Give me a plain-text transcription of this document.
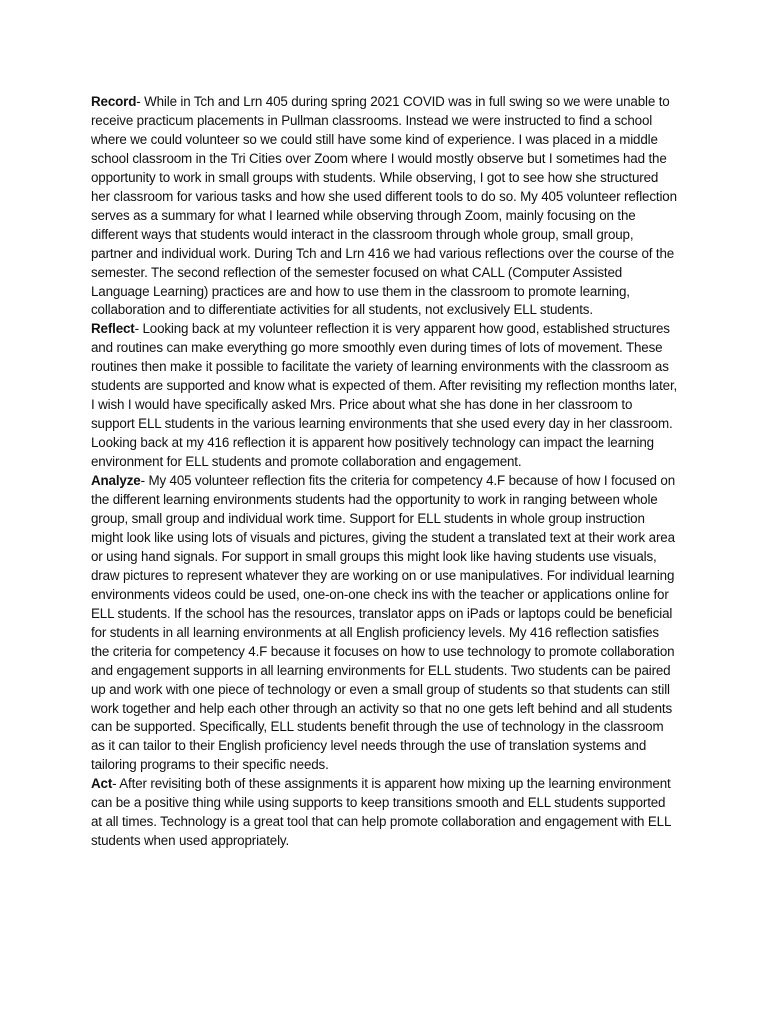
Record- While in Tch and Lrn 405 during spring 2021 COVID was in full swing so we were unable to receive practicum placements in Pullman classrooms. Instead we were instructed to find a school where we could volunteer so we could still have some kind of experience. I was placed in a middle school classroom in the Tri Cities over Zoom where I would mostly observe but I sometimes had the opportunity to work in small groups with students. While observing, I got to see how she structured her classroom for various tasks and how she used different tools to do so. My 405 volunteer reflection serves as a summary for what I learned while observing through Zoom, mainly focusing on the different ways that students would interact in the classroom through whole group, small group, partner and individual work. During Tch and Lrn 416 we had various reflections over the course of the semester. The second reflection of the semester focused on what CALL (Computer Assisted Language Learning) practices are and how to use them in the classroom to promote learning, collaboration and to differentiate activities for all students, not exclusively ELL students.

Reflect- Looking back at my volunteer reflection it is very apparent how good, established structures and routines can make everything go more smoothly even during times of lots of movement. These routines then make it possible to facilitate the variety of learning environments with the classroom as students are supported and know what is expected of them. After revisiting my reflection months later, I wish I would have specifically asked Mrs. Price about what she has done in her classroom to support ELL students in the various learning environments that she used every day in her classroom. Looking back at my 416 reflection it is apparent how positively technology can impact the learning environment for ELL students and promote collaboration and engagement.

Analyze- My 405 volunteer reflection fits the criteria for competency 4.F because of how I focused on the different learning environments students had the opportunity to work in ranging between whole group, small group and individual work time. Support for ELL students in whole group instruction might look like using lots of visuals and pictures, giving the student a translated text at their work area or using hand signals. For support in small groups this might look like having students use visuals, draw pictures to represent whatever they are working on or use manipulatives. For individual learning environments videos could be used, one-on-one check ins with the teacher or applications online for ELL students. If the school has the resources, translator apps on iPads or laptops could be beneficial for students in all learning environments at all English proficiency levels. My 416 reflection satisfies the criteria for competency 4.F because it focuses on how to use technology to promote collaboration and engagement supports in all learning environments for ELL students. Two students can be paired up and work with one piece of technology or even a small group of students so that students can still work together and help each other through an activity so that no one gets left behind and all students can be supported. Specifically, ELL students benefit through the use of technology in the classroom as it can tailor to their English proficiency level needs through the use of translation systems and tailoring programs to their specific needs.

Act- After revisiting both of these assignments it is apparent how mixing up the learning environment can be a positive thing while using supports to keep transitions smooth and ELL students supported at all times. Technology is a great tool that can help promote collaboration and engagement with ELL students when used appropriately.
